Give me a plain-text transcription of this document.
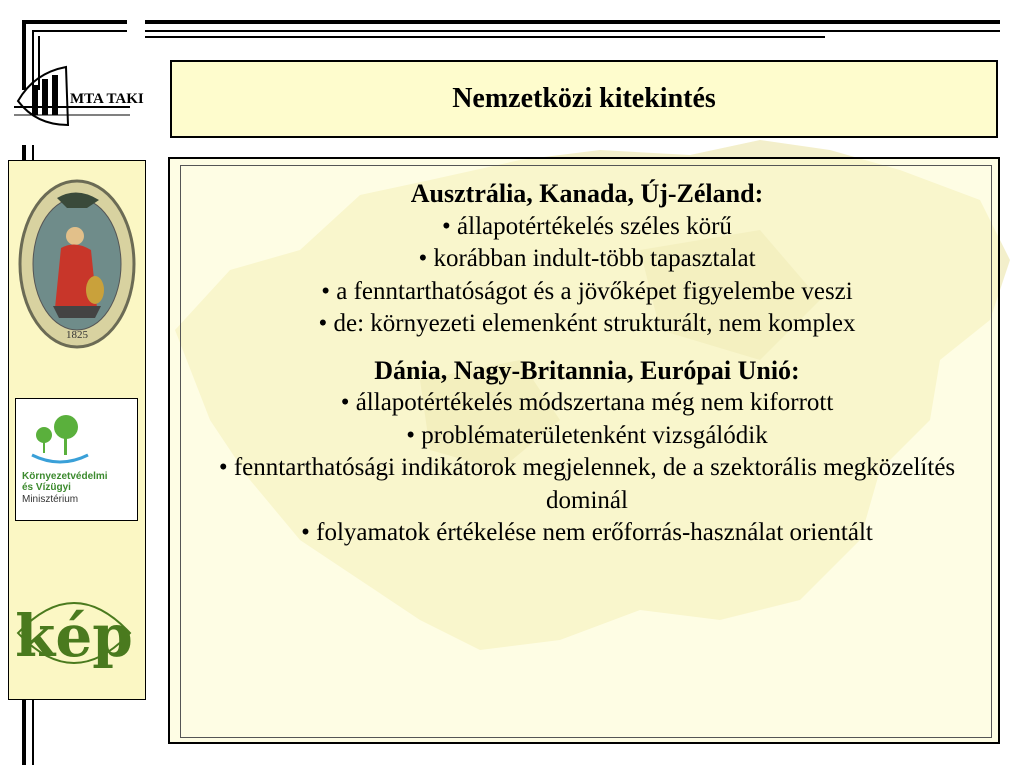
MTA TAKI
1825
Környezetvédelmi
és Vízügyi
Minisztérium
kép
Nemzetközi kitekintés
Ausztrália, Kanada, Új-Zéland:
• állapotértékelés széles körű
• korábban indult-több tapasztalat
• a fenntarthatóságot és a jövőképet figyelembe veszi
• de: környezeti elemenként strukturált, nem komplex
Dánia, Nagy-Britannia, Európai Unió:
• állapotértékelés módszertana még nem kiforrott
• problématerületenként vizsgálódik
• fenntarthatósági indikátorok megjelennek, de a szektorális megközelítés dominál
• folyamatok értékelése nem erőforrás-használat orientált
